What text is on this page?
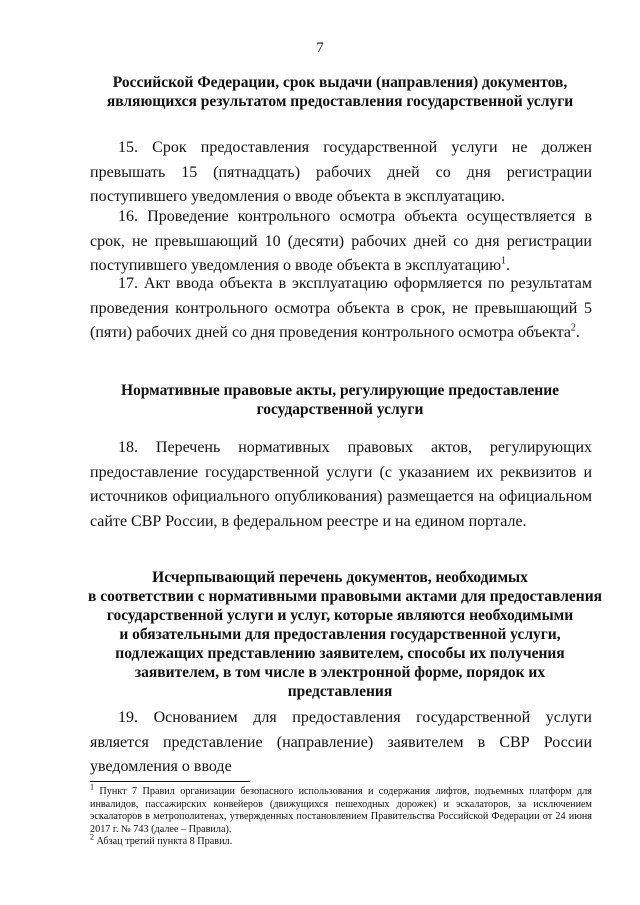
7
Российской Федерации, срок выдачи (направления) документов,
являющихся результатом предоставления государственной услуги
15. Срок предоставления государственной услуги не должен превышать 15 (пятнадцать) рабочих дней со дня регистрации поступившего уведомления о вводе объекта в эксплуатацию.
16. Проведение контрольного осмотра объекта осуществляется в срок, не превышающий 10 (десяти) рабочих дней со дня регистрации поступившего уведомления о вводе объекта в эксплуатацию$^1$.
17. Акт ввода объекта в эксплуатацию оформляется по результатам проведения контрольного осмотра объекта в срок, не превышающий 5 (пяти) рабочих дней со дня проведения контрольного осмотра объекта$^2$.
Нормативные правовые акты, регулирующие предоставление
государственной услуги
18. Перечень нормативных правовых актов, регулирующих предоставление государственной услуги (с указанием их реквизитов и источников официального опубликования) размещается на официальном сайте СВР России, в федеральном реестре и на едином портале.
Исчерпывающий перечень документов, необходимых
в соответствии с нормативными правовыми актами для предоставления
государственной услуги и услуг, которые являются необходимыми
и обязательными для предоставления государственной услуги,
подлежащих представлению заявителем, способы их получения
заявителем, в том числе в электронной форме, порядок их
представления
19. Основанием для предоставления государственной услуги является представление (направление) заявителем в СВР России уведомления о вводе
$^1$ Пункт 7 Правил организации безопасного использования и содержания лифтов, подъемных платформ для инвалидов, пассажирских конвейеров (движущихся пешеходных дорожек) и эскалаторов, за исключением эскалаторов в метрополитенах, утвержденных постановлением Правительства Российской Федерации от 24 июня 2017 г. № 743 (далее – Правила).
$^2$ Абзац третий пункта 8 Правил.
